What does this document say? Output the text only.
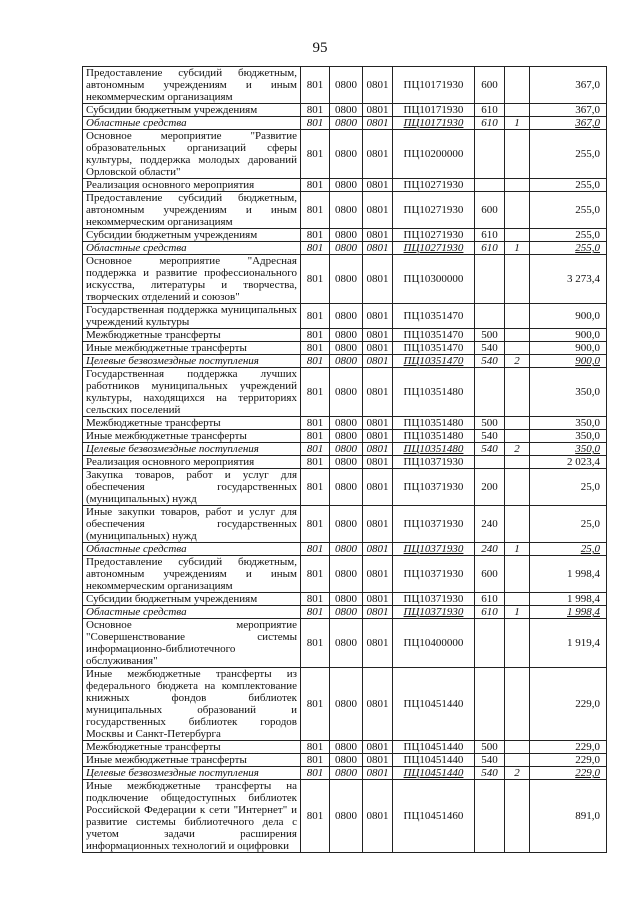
95
Предоставление субсидий бюджетным, автономным учреждениям и иным некоммерческим организациям	801	0800	0801	ПЦ10171930	600		367,0
Субсидии бюджетным учреждениям	801	0800	0801	ПЦ10171930	610		367,0
Областные средства	801	0800	0801	ПЦ10171930	610	1	367,0
Основное мероприятие "Развитие образовательных организаций сферы культуры, поддержка молодых дарований Орловской области"	801	0800	0801	ПЦ10200000			255,0
Реализация основного мероприятия	801	0800	0801	ПЦ10271930			255,0
Предоставление субсидий бюджетным, автономным учреждениям и иным некоммерческим организациям	801	0800	0801	ПЦ10271930	600		255,0
Субсидии бюджетным учреждениям	801	0800	0801	ПЦ10271930	610		255,0
Областные средства	801	0800	0801	ПЦ10271930	610	1	255,0
Основное мероприятие "Адресная поддержка и развитие профессионального искусства, литературы и творчества, творческих отделений и союзов"	801	0800	0801	ПЦ10300000			3 273,4
Государственная поддержка муниципальных учреждений культуры	801	0800	0801	ПЦ10351470			900,0
Межбюджетные трансферты	801	0800	0801	ПЦ10351470	500		900,0
Иные межбюджетные трансферты	801	0800	0801	ПЦ10351470	540		900,0
Целевые безвозмездные поступления	801	0800	0801	ПЦ10351470	540	2	900,0
Государственная поддержка лучших работников муниципальных учреждений культуры, находящихся на территориях сельских поселений	801	0800	0801	ПЦ10351480			350,0
Межбюджетные трансферты	801	0800	0801	ПЦ10351480	500		350,0
Иные межбюджетные трансферты	801	0800	0801	ПЦ10351480	540		350,0
Целевые безвозмездные поступления	801	0800	0801	ПЦ10351480	540	2	350,0
Реализация основного мероприятия	801	0800	0801	ПЦ10371930			2 023,4
Закупка товаров, работ и услуг для обеспечения государственных (муниципальных) нужд	801	0800	0801	ПЦ10371930	200		25,0
Иные закупки товаров, работ и услуг для обеспечения государственных (муниципальных) нужд	801	0800	0801	ПЦ10371930	240		25,0
Областные средства	801	0800	0801	ПЦ10371930	240	1	25,0
Предоставление субсидий бюджетным, автономным учреждениям и иным некоммерческим организациям	801	0800	0801	ПЦ10371930	600		1 998,4
Субсидии бюджетным учреждениям	801	0800	0801	ПЦ10371930	610		1 998,4
Областные средства	801	0800	0801	ПЦ10371930	610	1	1 998,4
Основное мероприятие "Совершенствование системы информационно-библиотечного обслуживания"	801	0800	0801	ПЦ10400000			1 919,4
Иные межбюджетные трансферты из федерального бюджета на комплектование книжных фондов библиотек муниципальных образований и государственных библиотек городов Москвы и Санкт-Петербурга	801	0800	0801	ПЦ10451440			229,0
Межбюджетные трансферты	801	0800	0801	ПЦ10451440	500		229,0
Иные межбюджетные трансферты	801	0800	0801	ПЦ10451440	540		229,0
Целевые безвозмездные поступления	801	0800	0801	ПЦ10451440	540	2	229,0
Иные межбюджетные трансферты на подключение общедоступных библиотек Российской Федерации к сети "Интернет" и развитие системы библиотечного дела с учетом задачи расширения информационных технологий и оцифровки	801	0800	0801	ПЦ10451460			891,0
